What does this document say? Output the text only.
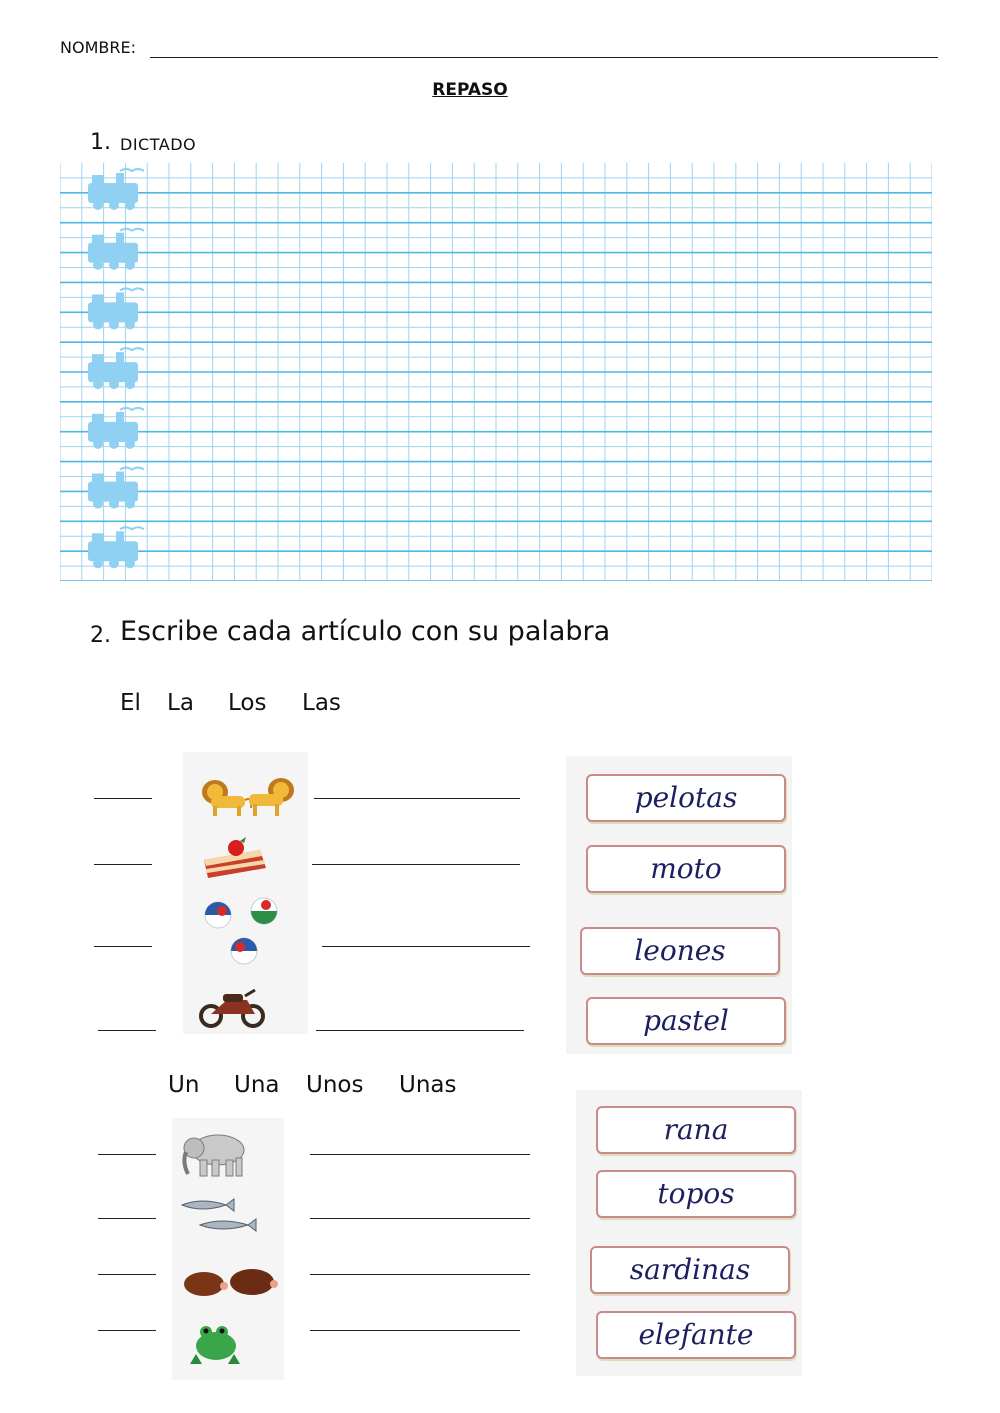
NOMBRE:
REPASO
1. DICTADO
2. Escribe cada artículo con su palabra
El La Los Las
pelotas
moto
leones
pastel
Un Una Unos Unas
rana
topos
sardinas
elefante
